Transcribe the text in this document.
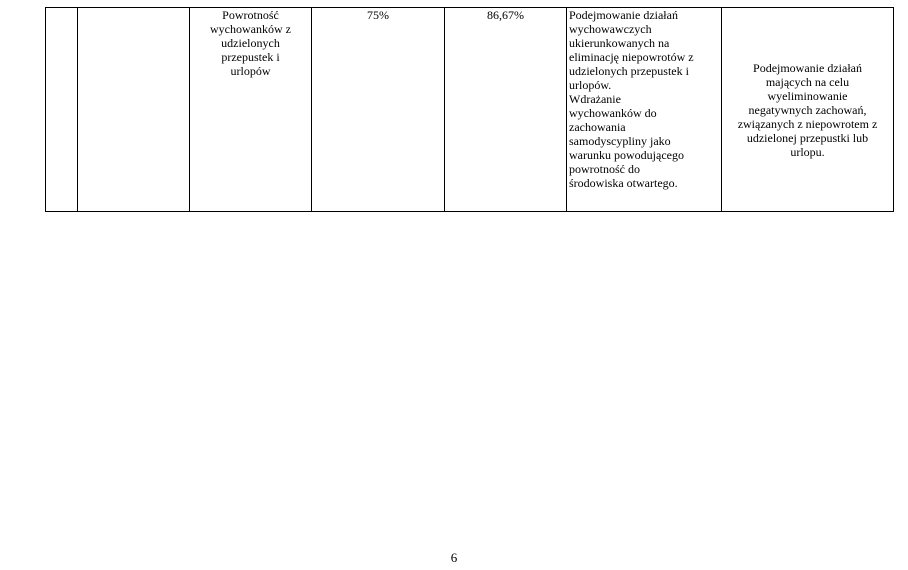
		Powrotność
wychowanków z
udzielonych
przepustek i
urlopów	75%	86,67%	Podejmowanie działań
wychowawczych
ukierunkowanych na
eliminację niepowrotów z
udzielonych przepustek i
urlopów.
Wdrażanie
wychowanków do
zachowania
samodyscypliny jako
warunku powodującego
powrotność do
środowiska otwartego.	Podejmowanie działań
mających na celu
wyeliminowanie
negatywnych zachowań,
związanych z niepowrotem z
udzielonej przepustki lub
urlopu.
6
